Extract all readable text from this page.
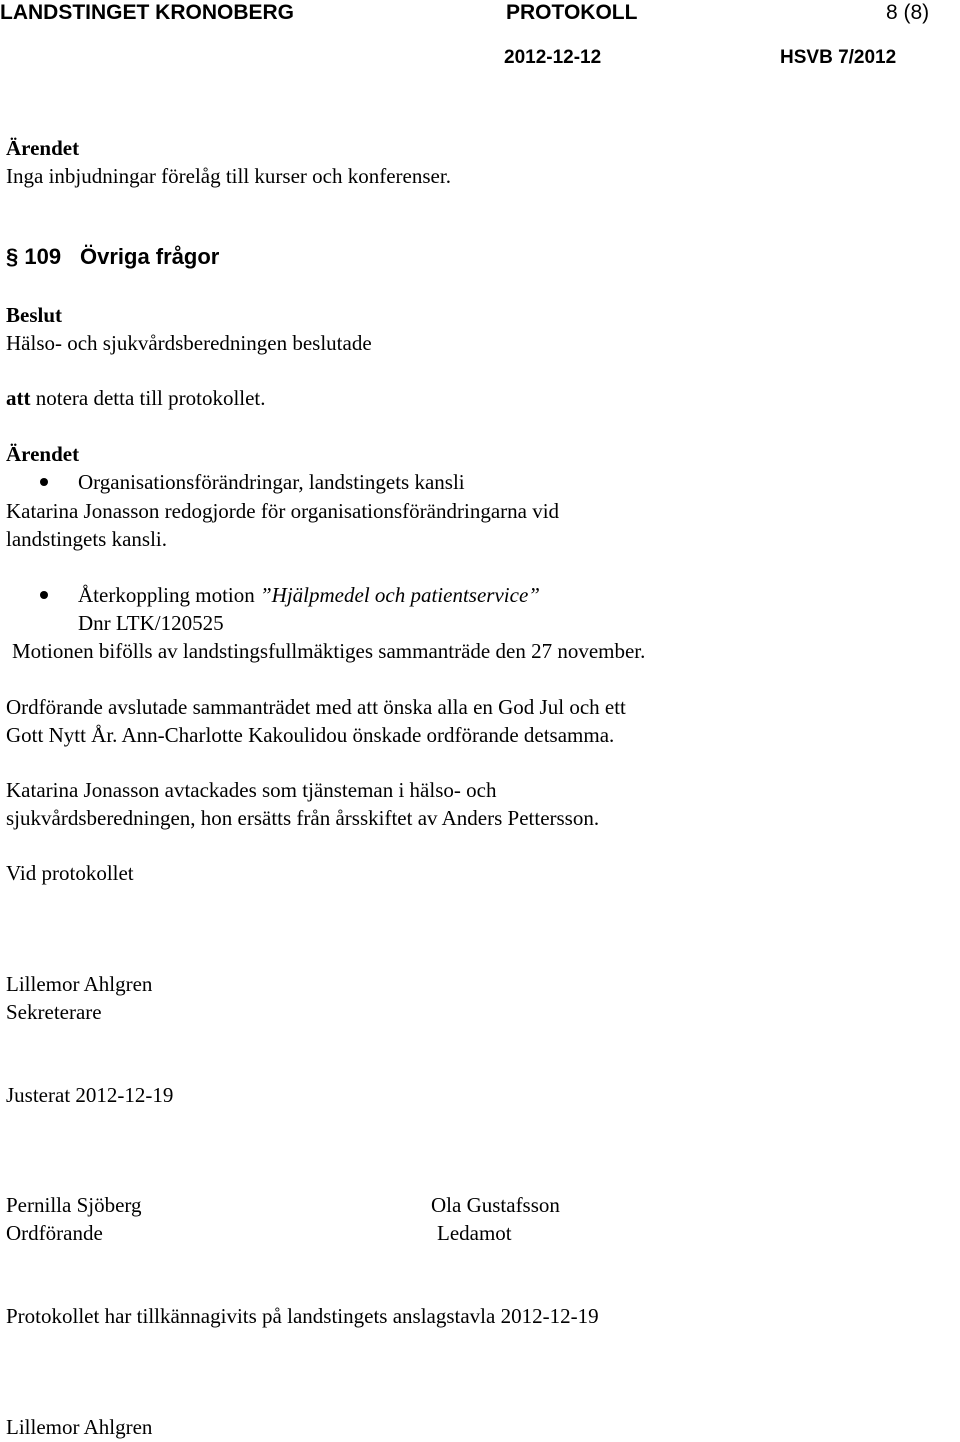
LANDSTINGET KRONOBERG	PROTOKOLL	8 (8)
2012-12-12	HSVB 7/2012
Ärendet
Inga inbjudningar förelåg till kurser och konferenser.
§ 109 Övriga frågor
Beslut
Hälso- och sjukvårdsberedningen beslutade
att notera detta till protokollet.
Ärendet
Organisationsförändringar, landstingets kansli
Katarina Jonasson redogjorde för organisationsförändringarna vid
landstingets kansli.
Återkoppling motion ”Hjälpmedel och patientservice”
Dnr LTK/120525
Motionen bifölls av landstingsfullmäktiges sammanträde den 27 november.
Ordförande avslutade sammanträdet med att önska alla en God Jul och ett
Gott Nytt År. Ann-Charlotte Kakoulidou önskade ordförande detsamma.
Katarina Jonasson avtackades som tjänsteman i hälso- och
sjukvårdsberedningen, hon ersätts från årsskiftet av Anders Pettersson.
Vid protokollet
Lillemor Ahlgren
Sekreterare
Justerat 2012-12-19
Pernilla Sjöberg
Ordförande
Ola Gustafsson
Ledamot
Protokollet har tillkännagivits på landstingets anslagstavla 2012-12-19
Lillemor Ahlgren
